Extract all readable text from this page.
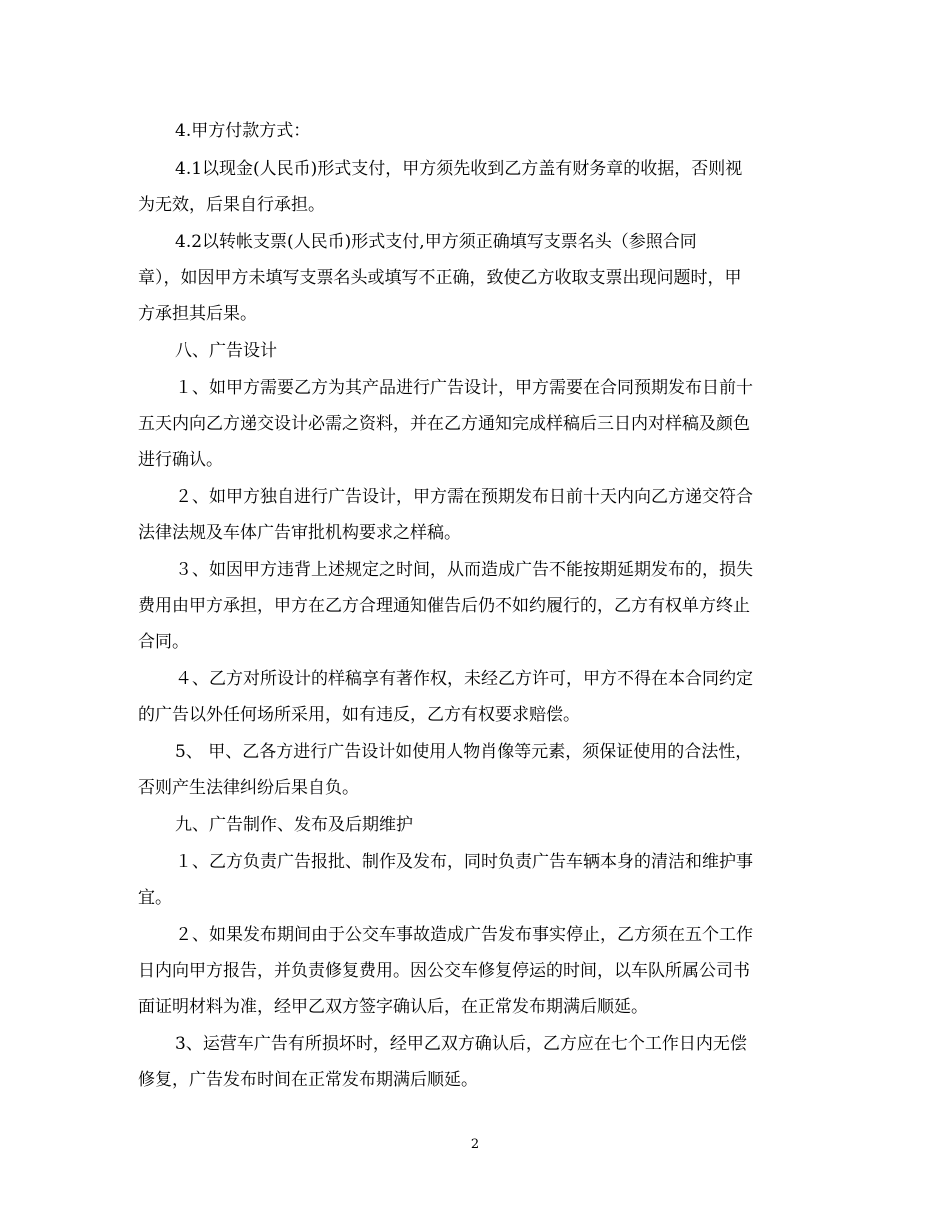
4.甲方付款方式：
4.1以现金(人民币)形式支付，甲方须先收到乙方盖有财务章的收据，否则视
为无效，后果自行承担。
4.2以转帐支票(人民币)形式支付,甲方须正确填写支票名头（参照合同
章），如因甲方未填写支票名头或填写不正确，致使乙方收取支票出现问题时，甲
方承担其后果。
八、广告设计
１、如甲方需要乙方为其产品进行广告设计，甲方需要在合同预期发布日前十
五天内向乙方递交设计必需之资料，并在乙方通知完成样稿后三日内对样稿及颜色
进行确认。
２、如甲方独自进行广告设计，甲方需在预期发布日前十天内向乙方递交符合
法律法规及车体广告审批机构要求之样稿。
３、如因甲方违背上述规定之时间，从而造成广告不能按期延期发布的，损失
费用由甲方承担，甲方在乙方合理通知催告后仍不如约履行的，乙方有权单方终止
合同。
４、乙方对所设计的样稿享有著作权，未经乙方许可，甲方不得在本合同约定
的广告以外任何场所采用，如有违反，乙方有权要求赔偿。
5、 甲、乙各方进行广告设计如使用人物肖像等元素，须保证使用的合法性，
否则产生法律纠纷后果自负。
九、广告制作、发布及后期维护
１、乙方负责广告报批、制作及发布，同时负责广告车辆本身的清洁和维护事
宜。
２、如果发布期间由于公交车事故造成广告发布事实停止，乙方须在五个工作
日内向甲方报告，并负责修复费用。因公交车修复停运的时间，以车队所属公司书
面证明材料为准，经甲乙双方签字确认后，在正常发布期满后顺延。
3、运营车广告有所损坏时，经甲乙双方确认后，乙方应在七个工作日内无偿
修复，广告发布时间在正常发布期满后顺延。
2
